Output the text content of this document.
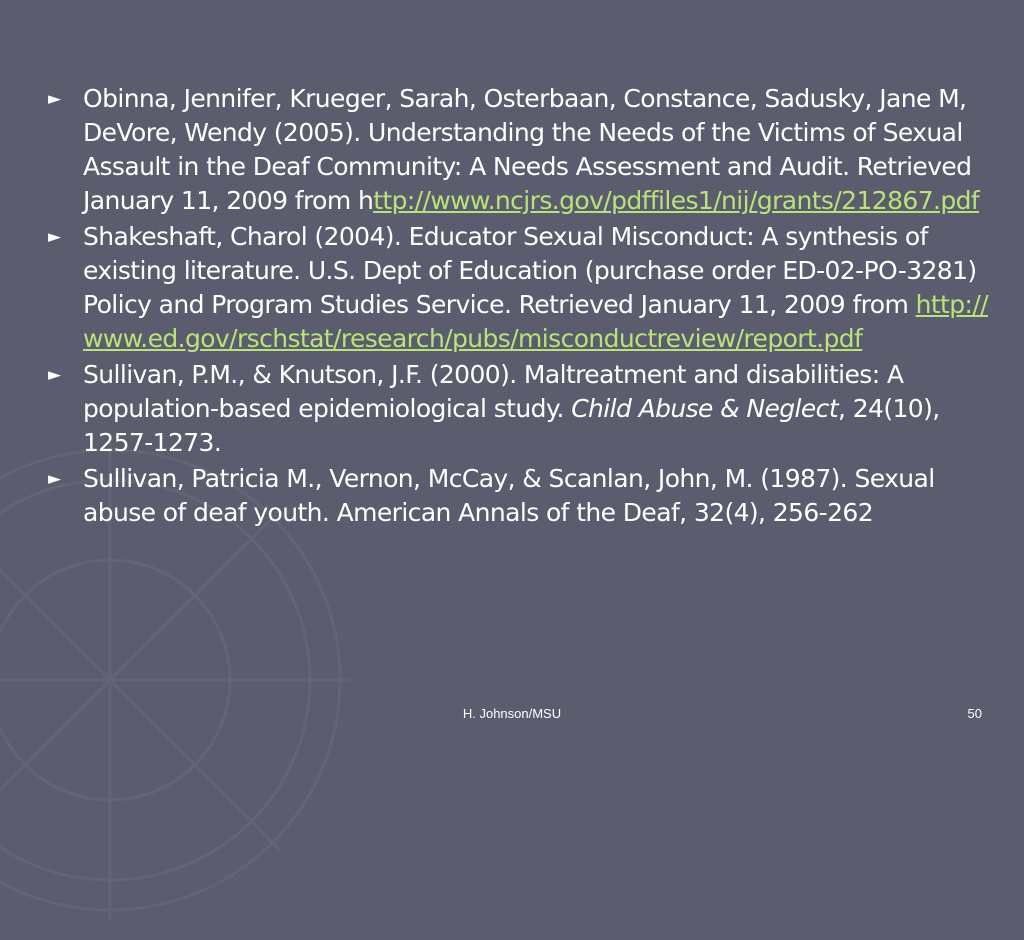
► Obinna, Jennifer, Krueger, Sarah, Osterbaan, Constance, Sadusky, Jane M, DeVore, Wendy (2005). Understanding the Needs of the Victims of Sexual Assault in the Deaf Community: A Needs Assessment and Audit. Retrieved January 11, 2009 from http://www.ncjrs.gov/pdffiles1/nij/grants/212867.pdf
► Shakeshaft, Charol (2004). Educator Sexual Misconduct: A synthesis of existing literature. U.S. Dept of Education (purchase order ED-02-PO-3281) Policy and Program Studies Service. Retrieved January 11, 2009 from http://www.ed.gov/rschstat/research/pubs/misconductreview/report.pdf
► Sullivan, P.M., & Knutson, J.F. (2000). Maltreatment and disabilities: A population-based epidemiological study. Child Abuse & Neglect, 24(10), 1257-1273.
► Sullivan, Patricia M., Vernon, McCay, & Scanlan, John, M. (1987). Sexual abuse of deaf youth. American Annals of the Deaf, 32(4), 256-262
H. Johnson/MSU	50
